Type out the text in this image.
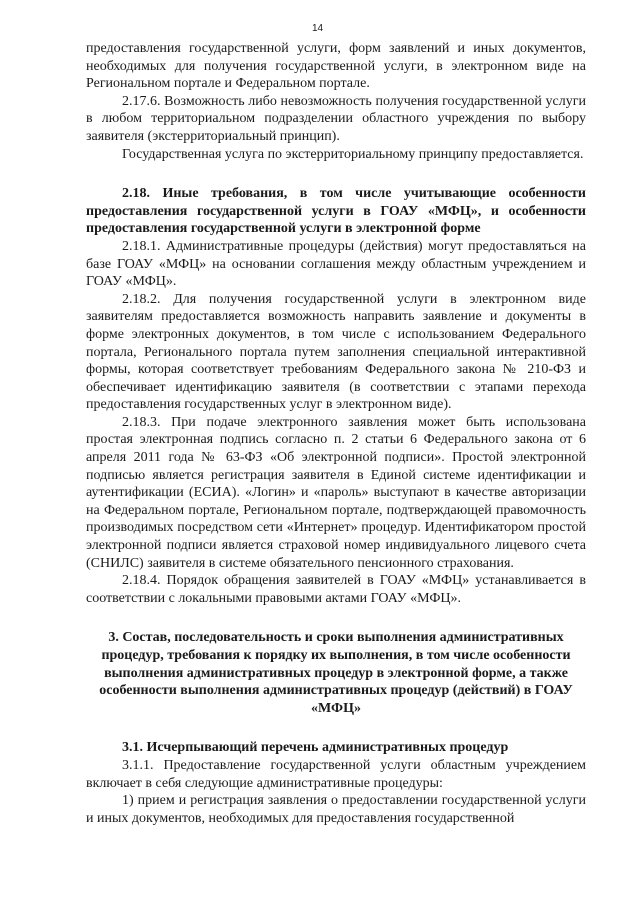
14

предоставления государственной услуги, форм заявлений и иных документов, необходимых для получения государственной услуги, в электронном виде на Региональном портале и Федеральном портале.

2.17.6. Возможность либо невозможность получения государственной услуги в любом территориальном подразделении областного учреждения по выбору заявителя (экстерриториальный принцип).

Государственная услуга по экстерриториальному принципу предоставляется.

2.18. Иные требования, в том числе учитывающие особенности предоставления государственной услуги в ГОАУ «МФЦ», и особенности предоставления государственной услуги в электронной форме

2.18.1. Административные процедуры (действия) могут предоставляться на базе ГОАУ «МФЦ» на основании соглашения между областным учреждением и ГОАУ «МФЦ».

2.18.2. Для получения государственной услуги в электронном виде заявителям предоставляется возможность направить заявление и документы в форме электронных документов, в том числе с использованием Федерального портала, Регионального портала путем заполнения специальной интерактивной формы, которая соответствует требованиям Федерального закона № 210-ФЗ и обеспечивает идентификацию заявителя (в соответствии с этапами перехода предоставления государственных услуг в электронном виде).

2.18.3. При подаче электронного заявления может быть использована простая электронная подпись согласно п. 2 статьи 6 Федерального закона от 6 апреля 2011 года № 63-ФЗ «Об электронной подписи». Простой электронной подписью является регистрация заявителя в Единой системе идентификации и аутентификации (ЕСИА). «Логин» и «пароль» выступают в качестве авторизации на Федеральном портале, Региональном портале, подтверждающей правомочность производимых посредством сети «Интернет» процедур. Идентификатором простой электронной подписи является страховой номер индивидуального лицевого счета (СНИЛС) заявителя в системе обязательного пенсионного страхования.

2.18.4. Порядок обращения заявителей в ГОАУ «МФЦ» устанавливается в соответствии с локальными правовыми актами ГОАУ «МФЦ».

3. Состав, последовательность и сроки выполнения административных процедур, требования к порядку их выполнения, в том числе особенности выполнения административных процедур в электронной форме, а также особенности выполнения административных процедур (действий) в ГОАУ «МФЦ»

3.1. Исчерпывающий перечень административных процедур

3.1.1. Предоставление государственной услуги областным учреждением включает в себя следующие административные процедуры:

1) прием и регистрация заявления о предоставлении государственной услуги и иных документов, необходимых для предоставления государственной
